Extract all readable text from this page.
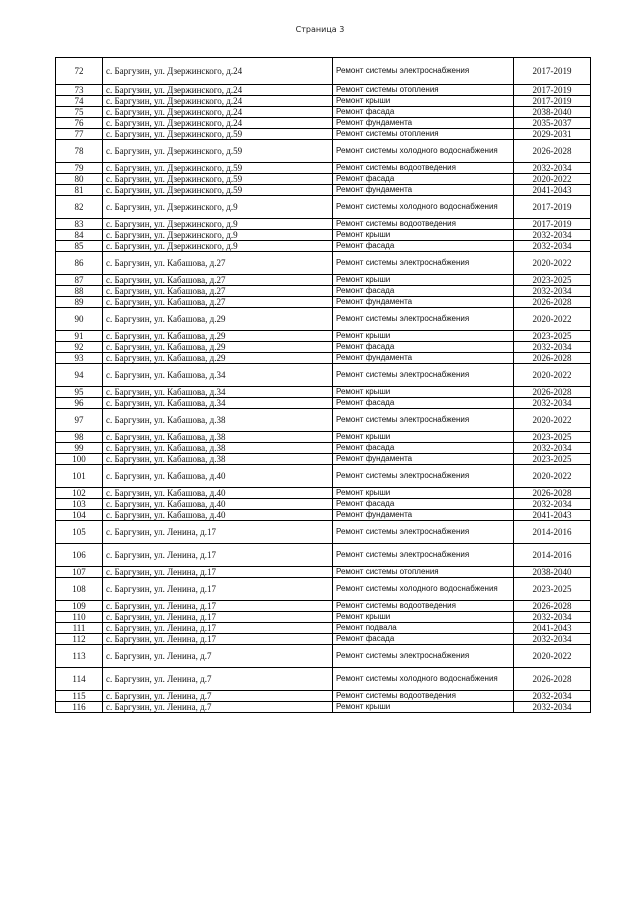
Страница 3
72	с. Баргузин, ул. Дзержинского, д.24	Ремонт системы электроснабжения	2017-2019
73	с. Баргузин, ул. Дзержинского, д.24	Ремонт системы отопления	2017-2019
74	с. Баргузин, ул. Дзержинского, д.24	Ремонт крыши	2017-2019
75	с. Баргузин, ул. Дзержинского, д.24	Ремонт фасада	2038-2040
76	с. Баргузин, ул. Дзержинского, д.24	Ремонт фундамента	2035-2037
77	с. Баргузин, ул. Дзержинского, д.59	Ремонт системы отопления	2029-2031
78	с. Баргузин, ул. Дзержинского, д.59	Ремонт системы холодного водоснабжения	2026-2028
79	с. Баргузин, ул. Дзержинского, д.59	Ремонт системы водоотведения	2032-2034
80	с. Баргузин, ул. Дзержинского, д.59	Ремонт фасада	2020-2022
81	с. Баргузин, ул. Дзержинского, д.59	Ремонт фундамента	2041-2043
82	с. Баргузин, ул. Дзержинского, д.9	Ремонт системы холодного водоснабжения	2017-2019
83	с. Баргузин, ул. Дзержинского, д.9	Ремонт системы водоотведения	2017-2019
84	с. Баргузин, ул. Дзержинского, д.9	Ремонт крыши	2032-2034
85	с. Баргузин, ул. Дзержинского, д.9	Ремонт фасада	2032-2034
86	с. Баргузин, ул. Кабашова, д.27	Ремонт системы электроснабжения	2020-2022
87	с. Баргузин, ул. Кабашова, д.27	Ремонт крыши	2023-2025
88	с. Баргузин, ул. Кабашова, д.27	Ремонт фасада	2032-2034
89	с. Баргузин, ул. Кабашова, д.27	Ремонт фундамента	2026-2028
90	с. Баргузин, ул. Кабашова, д.29	Ремонт системы электроснабжения	2020-2022
91	с. Баргузин, ул. Кабашова, д.29	Ремонт крыши	2023-2025
92	с. Баргузин, ул. Кабашова, д.29	Ремонт фасада	2032-2034
93	с. Баргузин, ул. Кабашова, д.29	Ремонт фундамента	2026-2028
94	с. Баргузин, ул. Кабашова, д.34	Ремонт системы электроснабжения	2020-2022
95	с. Баргузин, ул. Кабашова, д.34	Ремонт крыши	2026-2028
96	с. Баргузин, ул. Кабашова, д.34	Ремонт фасада	2032-2034
97	с. Баргузин, ул. Кабашова, д.38	Ремонт системы электроснабжения	2020-2022
98	с. Баргузин, ул. Кабашова, д.38	Ремонт крыши	2023-2025
99	с. Баргузин, ул. Кабашова, д.38	Ремонт фасада	2032-2034
100	с. Баргузин, ул. Кабашова, д.38	Ремонт фундамента	2023-2025
101	с. Баргузин, ул. Кабашова, д.40	Ремонт системы электроснабжения	2020-2022
102	с. Баргузин, ул. Кабашова, д.40	Ремонт крыши	2026-2028
103	с. Баргузин, ул. Кабашова, д.40	Ремонт фасада	2032-2034
104	с. Баргузин, ул. Кабашова, д.40	Ремонт фундамента	2041-2043
105	с. Баргузин, ул. Ленина, д.17	Ремонт системы электроснабжения	2014-2016
106	с. Баргузин, ул. Ленина, д.17	Ремонт системы электроснабжения	2014-2016
107	с. Баргузин, ул. Ленина, д.17	Ремонт системы отопления	2038-2040
108	с. Баргузин, ул. Ленина, д.17	Ремонт системы холодного водоснабжения	2023-2025
109	с. Баргузин, ул. Ленина, д.17	Ремонт системы водоотведения	2026-2028
110	с. Баргузин, ул. Ленина, д.17	Ремонт крыши	2032-2034
111	с. Баргузин, ул. Ленина, д.17	Ремонт подвала	2041-2043
112	с. Баргузин, ул. Ленина, д.17	Ремонт фасада	2032-2034
113	с. Баргузин, ул. Ленина, д.7	Ремонт системы электроснабжения	2020-2022
114	с. Баргузин, ул. Ленина, д.7	Ремонт системы холодного водоснабжения	2026-2028
115	с. Баргузин, ул. Ленина, д.7	Ремонт системы водоотведения	2032-2034
116	с. Баргузин, ул. Ленина, д.7	Ремонт крыши	2032-2034
